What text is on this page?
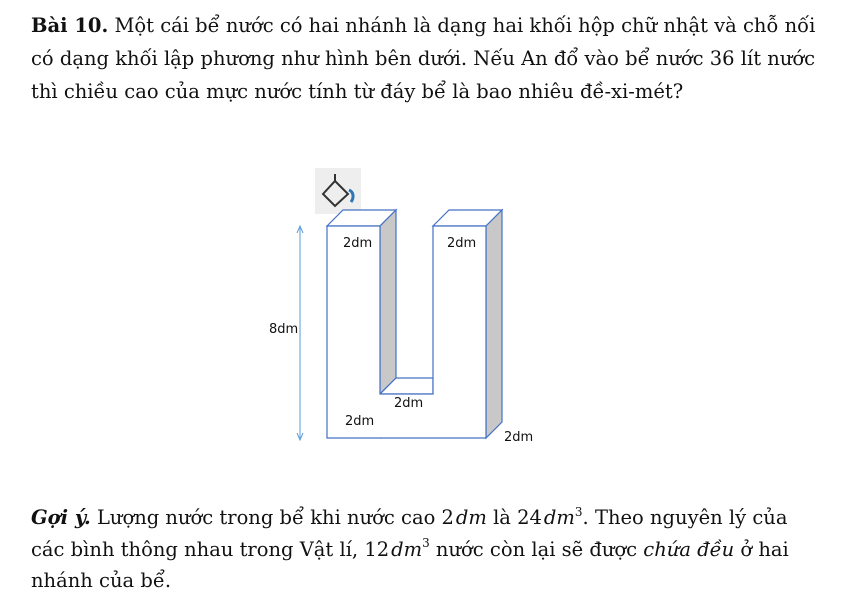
Bài 10. Một cái bể nước có hai nhánh là dạng hai khối hộp chữ nhật và chỗ nối có dạng khối lập phương như hình bên dưới. Nếu An đổ vào bể nước 36 lít nước thì chiều cao của mực nước tính từ đáy bể là bao nhiêu đề-xi-mét?
2dm	2dm
8dm
2dm
2dm
2dm
Gợi ý. Lượng nước trong bể khi nước cao 2  dm là 24  $dm^3$. Theo nguyên lý của các bình thông nhau trong Vật lí, 12  $dm^3$ nước còn lại sẽ được chứa đều ở hai nhánh của bể.
